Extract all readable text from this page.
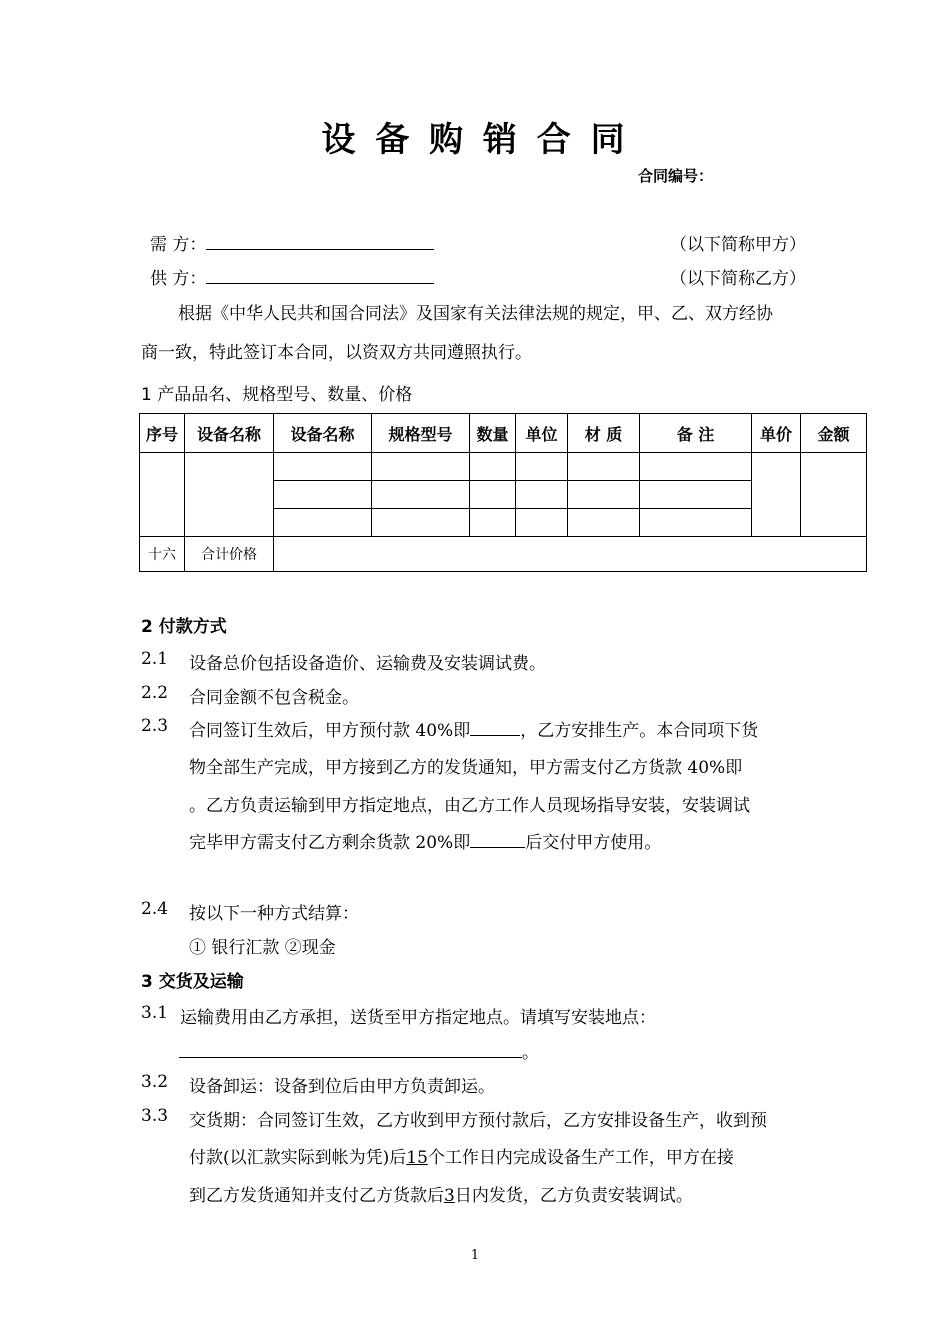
设 备 购 销 合 同
合同编号：
需 方：	（以下简称甲方）
供 方：	（以下简称乙方）
根据《中华人民共和国合同法》及国家有关法律法规的规定，甲、乙、双方经协
商一致，特此签订本合同，以资双方共同遵照执行。
1 产品品名、规格型号、数量、价格
序号	设备名称	设备名称	规格型号	数量	单位	材 质	备 注	单价	金额

十六	合计价格								
2 付款方式
2.1 设备总价包括设备造价、运输费及安装调试费。
2.2 合同金额不包含税金。
2.3 合同签订生效后，甲方预付款 40%即	，乙方安排生产。本合同项下货
物全部生产完成，甲方接到乙方的发货通知，甲方需支付乙方货款 40%即
。乙方负责运输到甲方指定地点，由乙方工作人员现场指导安装，安装调试
完毕甲方需支付乙方剩余货款 20%即	后交付甲方使用。
2.4 按以下一种方式结算：
① 银行汇款 ②现金
3 交货及运输
3.1 运输费用由乙方承担，送货至甲方指定地点。请填写安装地点：
。
3.2 设备卸运：设备到位后由甲方负责卸运。
3.3 交货期：合同签订生效，乙方收到甲方预付款后，乙方安排设备生产，收到预
付款(以汇款实际到帐为凭)后15个工作日内完成设备生产工作，甲方在接
到乙方发货通知并支付乙方货款后3日内发货，乙方负责安装调试。
1
